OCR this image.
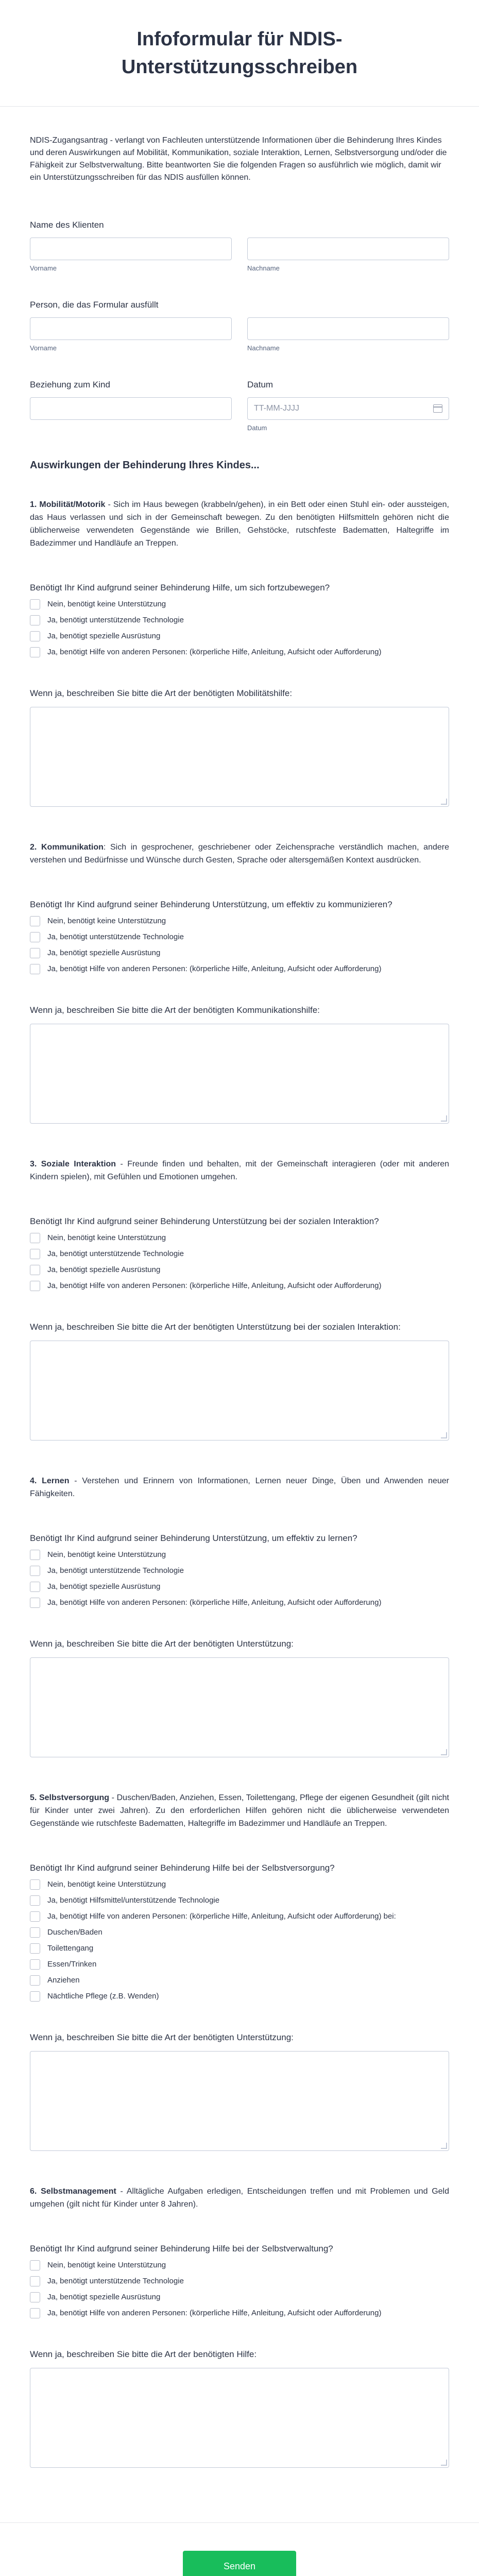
Infoformular für NDIS-Unterstützungsschreiben

NDIS-Zugangsantrag - verlangt von Fachleuten unterstützende Informationen über die Behinderung Ihres Kindes und deren Auswirkungen auf Mobilität, Kommunikation, soziale Interaktion, Lernen, Selbstversorgung und/oder die Fähigkeit zur Selbstverwaltung. Bitte beantworten Sie die folgenden Fragen so ausführlich wie möglich, damit wir ein Unterstützungsschreiben für das NDIS ausfüllen können.

Name des Klienten
Vorname	Nachname
Person, die das Formular ausfüllt
Vorname	Nachname
Beziehung zum Kind	Datum
TT-MM-JJJJ
Datum
Auswirkungen der Behinderung Ihres Kindes...

1. Mobilität/Motorik - Sich im Haus bewegen (krabbeln/gehen), in ein Bett oder einen Stuhl ein- oder aussteigen, das Haus verlassen und sich in der Gemeinschaft bewegen. Zu den benötigten Hilfsmitteln gehören nicht die üblicherweise verwendeten Gegenstände wie Brillen, Gehstöcke, rutschfeste Badematten, Haltegriffe im Badezimmer und Handläufe an Treppen.

Benötigt Ihr Kind aufgrund seiner Behinderung Hilfe, um sich fortzubewegen?
Nein, benötigt keine Unterstützung
Ja, benötigt unterstützende Technologie
Ja, benötigt spezielle Ausrüstung
Ja, benötigt Hilfe von anderen Personen: (körperliche Hilfe, Anleitung, Aufsicht oder Aufforderung)
Wenn ja, beschreiben Sie bitte die Art der benötigten Mobilitätshilfe:

2. Kommunikation: Sich in gesprochener, geschriebener oder Zeichensprache verständlich machen, andere verstehen und Bedürfnisse und Wünsche durch Gesten, Sprache oder altersgemäßen Kontext ausdrücken.

Benötigt Ihr Kind aufgrund seiner Behinderung Unterstützung, um effektiv zu kommunizieren?
Nein, benötigt keine Unterstützung
Ja, benötigt unterstützende Technologie
Ja, benötigt spezielle Ausrüstung
Ja, benötigt Hilfe von anderen Personen: (körperliche Hilfe, Anleitung, Aufsicht oder Aufforderung)
Wenn ja, beschreiben Sie bitte die Art der benötigten Kommunikationshilfe:

3. Soziale Interaktion - Freunde finden und behalten, mit der Gemeinschaft interagieren (oder mit anderen Kindern spielen), mit Gefühlen und Emotionen umgehen.

Benötigt Ihr Kind aufgrund seiner Behinderung Unterstützung bei der sozialen Interaktion?
Nein, benötigt keine Unterstützung
Ja, benötigt unterstützende Technologie
Ja, benötigt spezielle Ausrüstung
Ja, benötigt Hilfe von anderen Personen: (körperliche Hilfe, Anleitung, Aufsicht oder Aufforderung)
Wenn ja, beschreiben Sie bitte die Art der benötigten Unterstützung bei der sozialen Interaktion:

4. Lernen - Verstehen und Erinnern von Informationen, Lernen neuer Dinge, Üben und Anwenden neuer Fähigkeiten.

Benötigt Ihr Kind aufgrund seiner Behinderung Unterstützung, um effektiv zu lernen?
Nein, benötigt keine Unterstützung
Ja, benötigt unterstützende Technologie
Ja, benötigt spezielle Ausrüstung
Ja, benötigt Hilfe von anderen Personen: (körperliche Hilfe, Anleitung, Aufsicht oder Aufforderung)
Wenn ja, beschreiben Sie bitte die Art der benötigten Unterstützung:

5. Selbstversorgung - Duschen/Baden, Anziehen, Essen, Toilettengang, Pflege der eigenen Gesundheit (gilt nicht für Kinder unter zwei Jahren). Zu den erforderlichen Hilfen gehören nicht die üblicherweise verwendeten Gegenstände wie rutschfeste Badematten, Haltegriffe im Badezimmer und Handläufe an Treppen.

Benötigt Ihr Kind aufgrund seiner Behinderung Hilfe bei der Selbstversorgung?
Nein, benötigt keine Unterstützung
Ja, benötigt Hilfsmittel/unterstützende Technologie
Ja, benötigt Hilfe von anderen Personen: (körperliche Hilfe, Anleitung, Aufsicht oder Aufforderung) bei:
Duschen/Baden
Toilettengang
Essen/Trinken
Anziehen
Nächtliche Pflege (z.B. Wenden)
Wenn ja, beschreiben Sie bitte die Art der benötigten Unterstützung:

6. Selbstmanagement - Alltägliche Aufgaben erledigen, Entscheidungen treffen und mit Problemen und Geld umgehen (gilt nicht für Kinder unter 8 Jahren).

Benötigt Ihr Kind aufgrund seiner Behinderung Hilfe bei der Selbstverwaltung?
Nein, benötigt keine Unterstützung
Ja, benötigt unterstützende Technologie
Ja, benötigt spezielle Ausrüstung
Ja, benötigt Hilfe von anderen Personen: (körperliche Hilfe, Anleitung, Aufsicht oder Aufforderung)
Wenn ja, beschreiben Sie bitte die Art der benötigten Hilfe:
Senden
